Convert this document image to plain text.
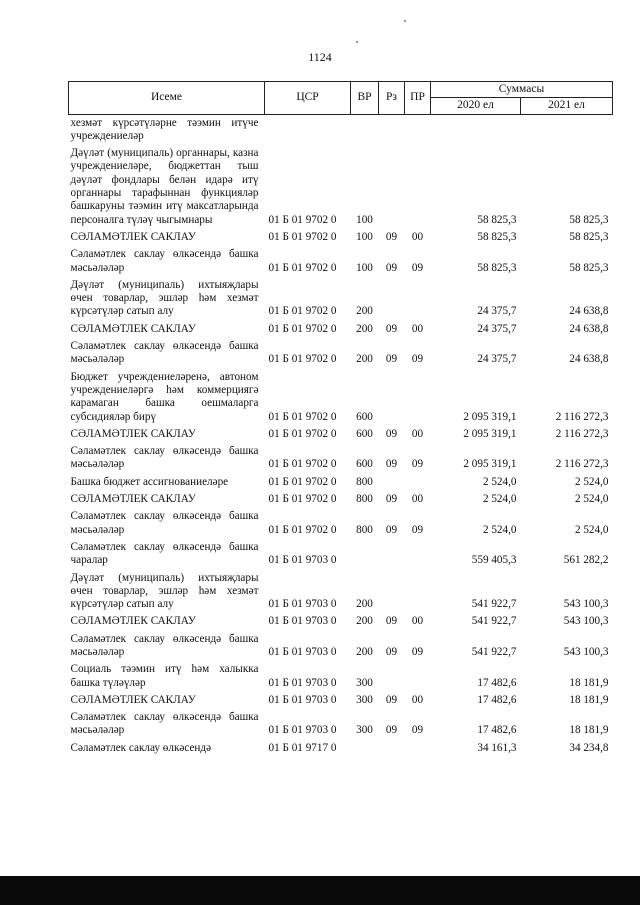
1124
Исеме	ЦСР	ВР	Рз	ПР	Суммасы	
					2020 ел	2021 ел
хезмәт күрсәтүләрне тәэмин итүче учреждениеләр						
Дәүләт (муниципаль) органнары, казна учреждениеләре, бюджеттан тыш дәүләт фондлары белән идарә итү органнары тарафыннан функцияләр башкаруны тәэмин итү максатларында персоналга түләү чыгымнары	01 Б 01 9702 0	100			58 825,3	58 825,3
СӘЛАМӘТЛЕК САКЛАУ	01 Б 01 9702 0	100	09	00	58 825,3	58 825,3
Сәламәтлек саклау өлкәсендә башка мәсьәләләр	01 Б 01 9702 0	100	09	09	58 825,3	58 825,3
Дәүләт (муниципаль) ихтыяҗлары өчен товарлар, эшләр һәм хезмәт күрсәтүләр сатып алу	01 Б 01 9702 0	200			24 375,7	24 638,8
СӘЛАМӘТЛЕК САКЛАУ	01 Б 01 9702 0	200	09	00	24 375,7	24 638,8
Сәламәтлек саклау өлкәсендә башка мәсьәләләр	01 Б 01 9702 0	200	09	09	24 375,7	24 638,8
Бюджет учреждениеләренә, автоном учреждениеләргә һәм коммерциягә карамаган башка оешмаларга субсидияләр бирү	01 Б 01 9702 0	600			2 095 319,1	2 116 272,3
СӘЛАМӘТЛЕК САКЛАУ	01 Б 01 9702 0	600	09	00	2 095 319,1	2 116 272,3
Сәламәтлек саклау өлкәсендә башка мәсьәләләр	01 Б 01 9702 0	600	09	09	2 095 319,1	2 116 272,3
Башка бюджет ассигнованиеләре	01 Б 01 9702 0	800			2 524,0	2 524,0
СӘЛАМӘТЛЕК САКЛАУ	01 Б 01 9702 0	800	09	00	2 524,0	2 524,0
Сәламәтлек саклау өлкәсендә башка мәсьәләләр	01 Б 01 9702 0	800	09	09	2 524,0	2 524,0
Сәламәтлек саклау өлкәсендә башка чаралар	01 Б 01 9703 0				559 405,3	561 282,2
Дәүләт (муниципаль) ихтыяҗлары өчен товарлар, эшләр һәм хезмәт күрсәтүләр сатып алу	01 Б 01 9703 0	200			541 922,7	543 100,3
СӘЛАМӘТЛЕК САКЛАУ	01 Б 01 9703 0	200	09	00	541 922,7	543 100,3
Сәламәтлек саклау өлкәсендә башка мәсьәләләр	01 Б 01 9703 0	200	09	09	541 922,7	543 100,3
Социаль тәэмин итү һәм халыкка башка түләүләр	01 Б 01 9703 0	300			17 482,6	18 181,9
СӘЛАМӘТЛЕК САКЛАУ	01 Б 01 9703 0	300	09	00	17 482,6	18 181,9
Сәламәтлек саклау өлкәсендә башка мәсьәләләр	01 Б 01 9703 0	300	09	09	17 482,6	18 181,9
Сәламәтлек саклау өлкәсендә	01 Б 01 9717 0				34 161,3	34 234,8
